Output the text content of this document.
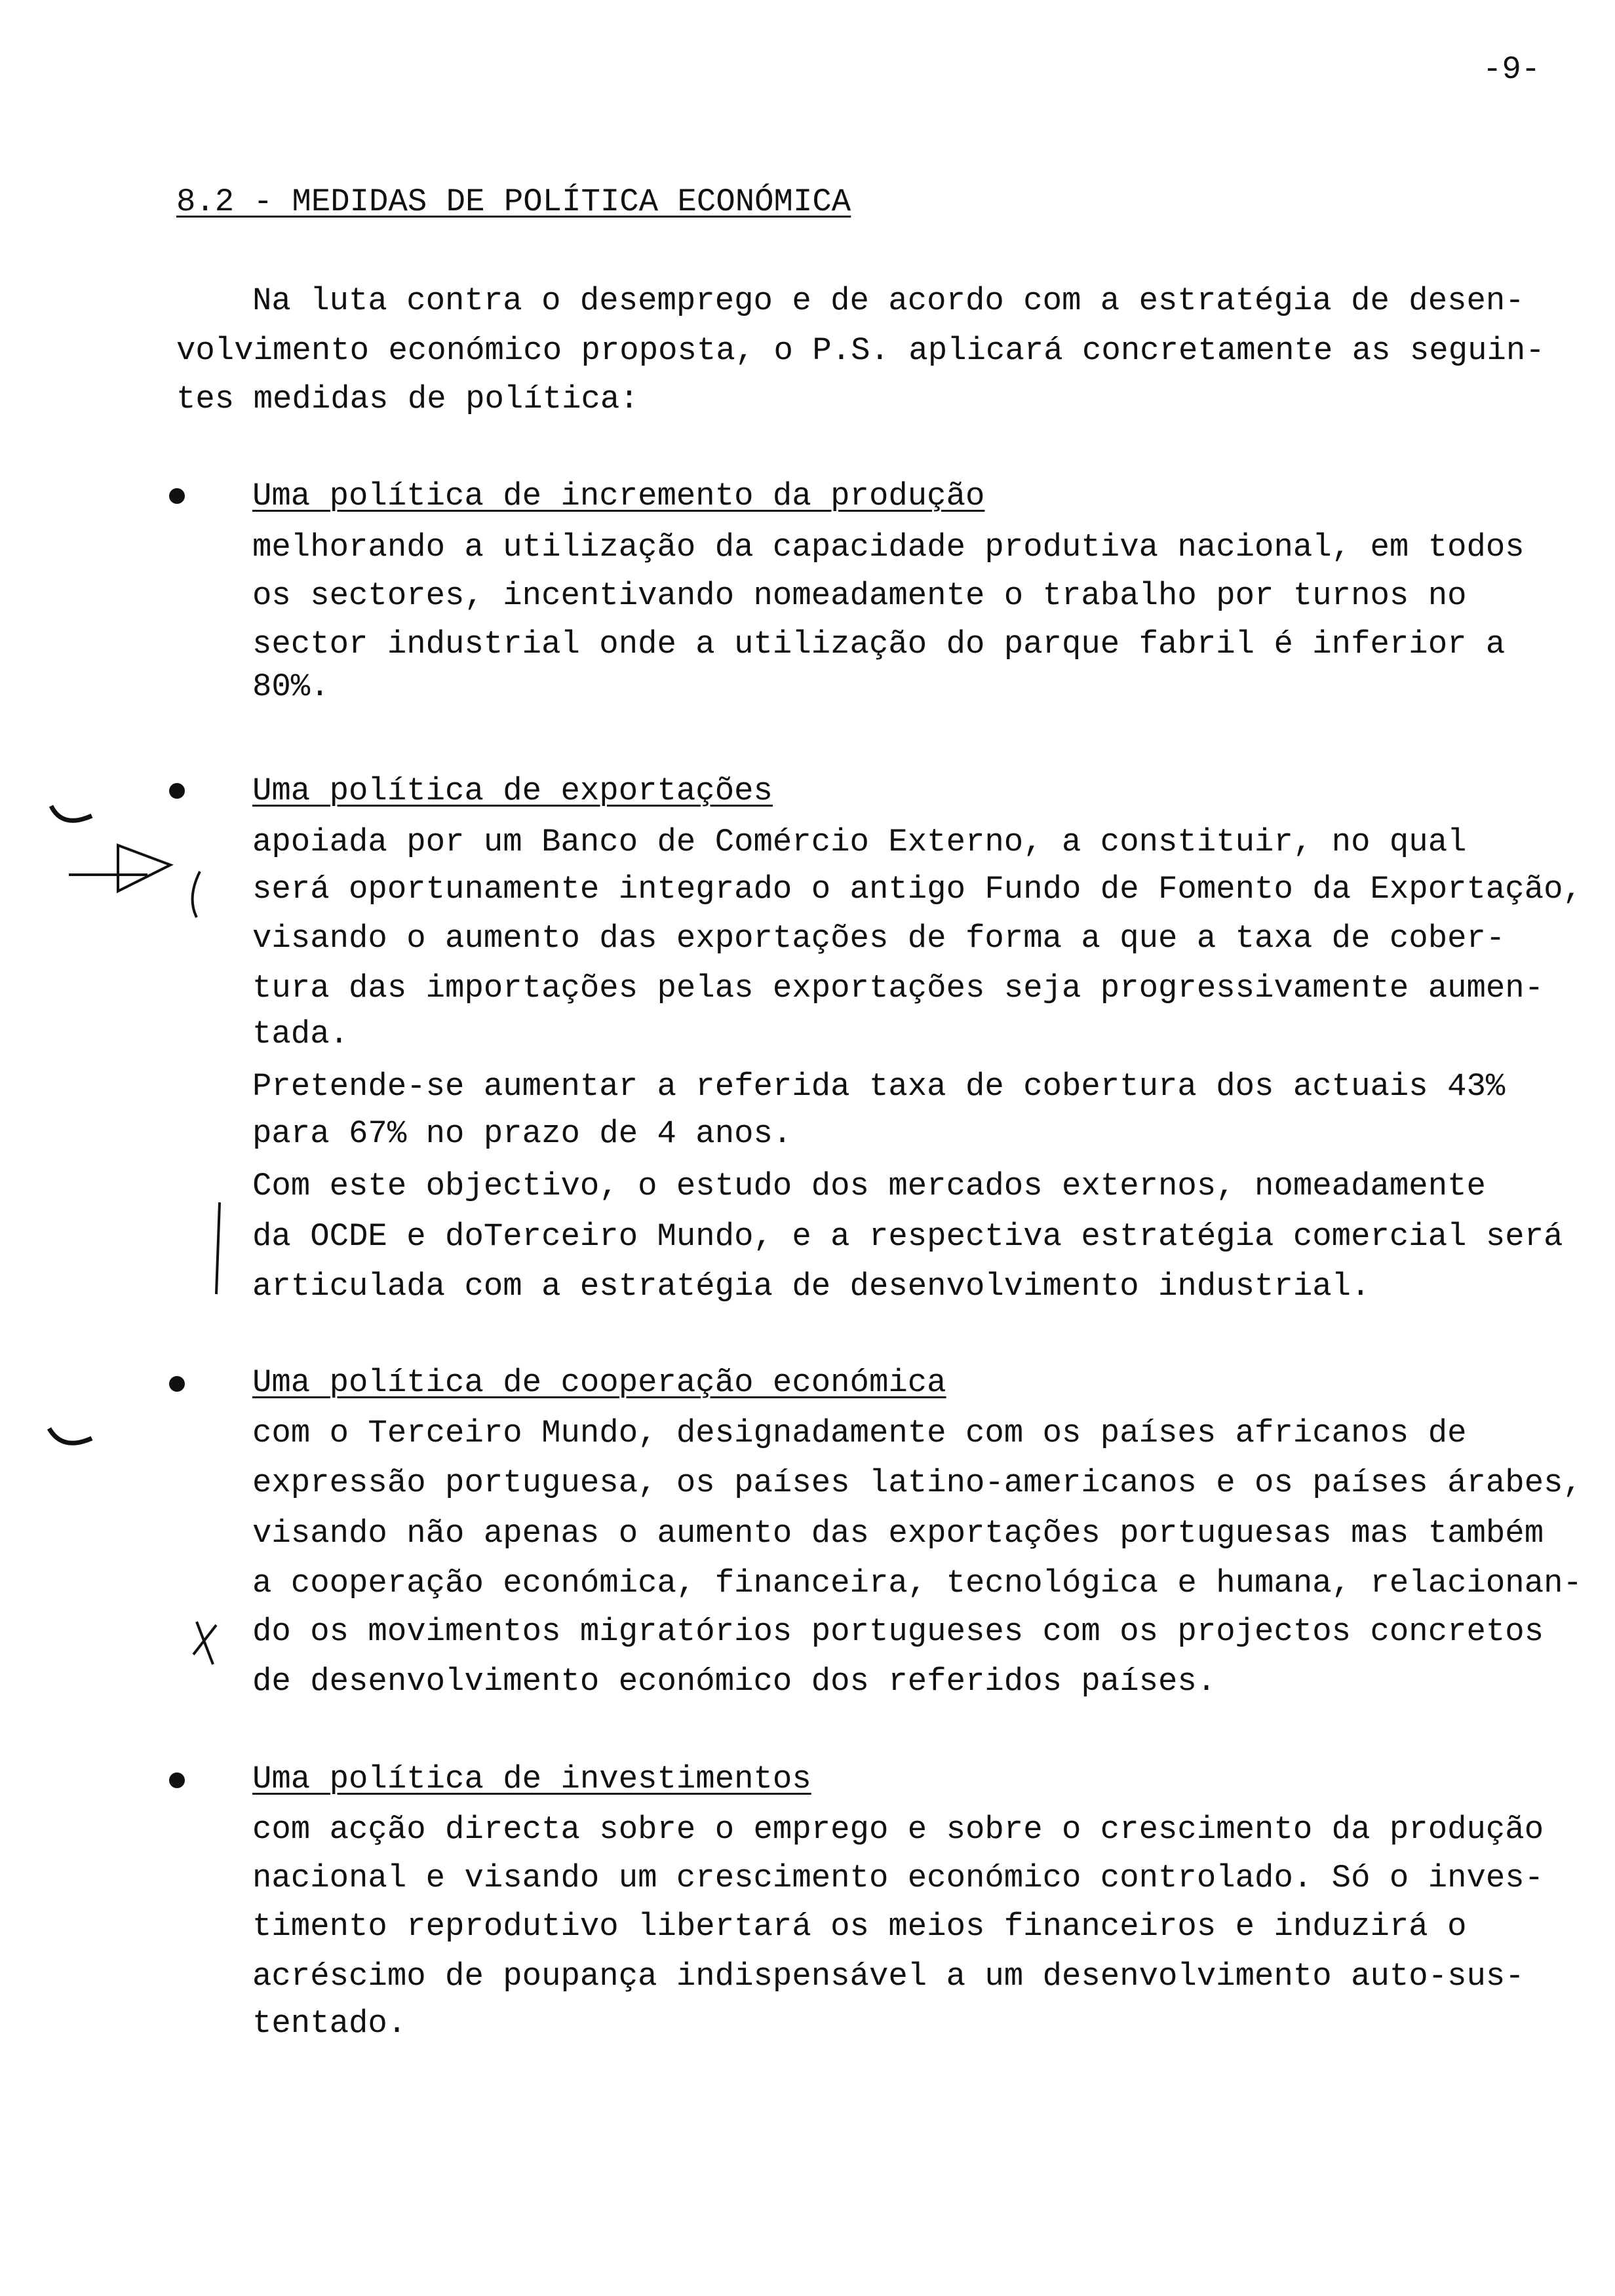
-9-
8.2 - MEDIDAS DE POLÍTICA ECONÓMICA
Na luta contra o desemprego e de acordo com a estratégia de desen-
volvimento económico proposta, o P.S. aplicará concretamente as seguin-
tes medidas de política:
Uma política de incremento da produção
melhorando a utilização da capacidade produtiva nacional, em todos
os sectores, incentivando nomeadamente o trabalho por turnos no
sector industrial onde a utilização do parque fabril é inferior a
80%.
Uma política de exportações
apoiada por um Banco de Comércio Externo, a constituir, no qual
será oportunamente integrado o antigo Fundo de Fomento da Exportação,
visando o aumento das exportações de forma a que a taxa de cober-
tura das importações pelas exportações seja progressivamente aumen-
tada.
Pretende-se aumentar a referida taxa de cobertura dos actuais 43%
para 67% no prazo de 4 anos.
Com este objectivo, o estudo dos mercados externos, nomeadamente
da OCDE e doTerceiro Mundo, e a respectiva estratégia comercial será
articulada com a estratégia de desenvolvimento industrial.
Uma política de cooperação económica
com o Terceiro Mundo, designadamente com os países africanos de
expressão portuguesa, os países latino-americanos e os países árabes,
visando não apenas o aumento das exportações portuguesas mas também
a cooperação económica, financeira, tecnológica e humana, relacionan-
do os movimentos migratórios portugueses com os projectos concretos
de desenvolvimento económico dos referidos países.
Uma política de investimentos
com acção directa sobre o emprego e sobre o crescimento da produção
nacional e visando um crescimento económico controlado. Só o inves-
timento reprodutivo libertará os meios financeiros e induzirá o
acréscimo de poupança indispensável a um desenvolvimento auto-sus-
tentado.
